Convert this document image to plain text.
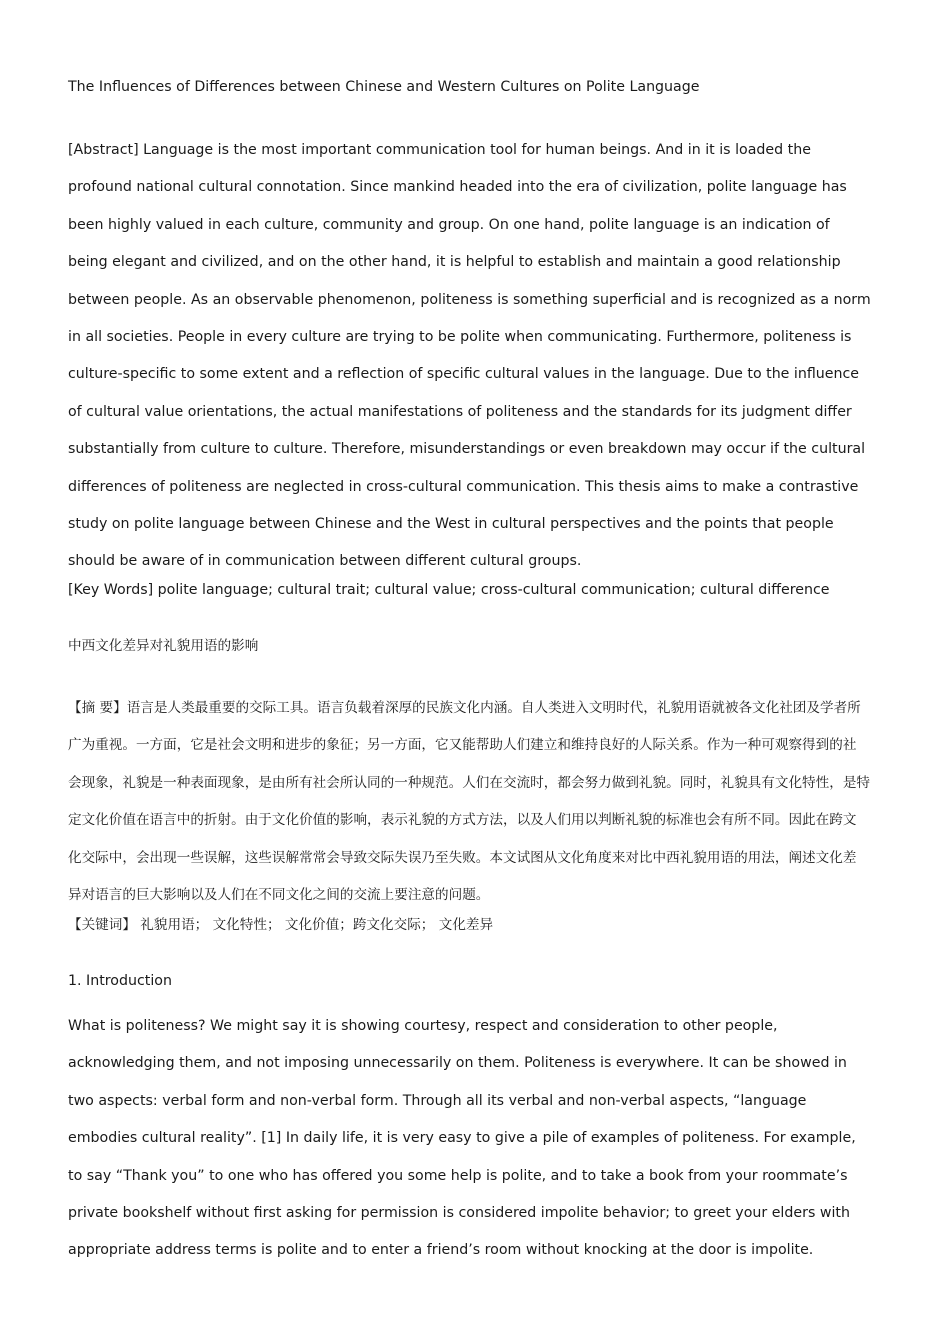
The Influences of Differences between Chinese and Western Cultures on Polite Language

[Abstract] Language is the most important communication tool for human beings. And in it is loaded the

profound national cultural connotation. Since mankind headed into the era of civilization, polite language has

been highly valued in each culture, community and group. On one hand, polite language is an indication of

being elegant and civilized, and on the other hand, it is helpful to establish and maintain a good relationship

between people. As an observable phenomenon, politeness is something superficial and is recognized as a norm

in all societies. People in every culture are trying to be polite when communicating. Furthermore, politeness is

culture-specific to some extent and a reflection of specific cultural values in the language. Due to the influence

of cultural value orientations, the actual manifestations of politeness and the standards for its judgment differ

substantially from culture to culture. Therefore, misunderstandings or even breakdown may occur if the cultural

differences of politeness are neglected in cross-cultural communication. This thesis aims to make a contrastive

study on polite language between Chinese and the West in cultural perspectives and the points that people

should be aware of in communication between different cultural groups.

[Key Words] polite language; cultural trait; cultural value; cross-cultural communication; cultural difference

中西文化差异对礼貌用语的影响

【摘 要】语言是人类最重要的交际工具。语言负载着深厚的民族文化内涵。自人类进入文明时代，礼貌用语就被各文化社团及学者所

广为重视。一方面，它是社会文明和进步的象征；另一方面，它又能帮助人们建立和维持良好的人际关系。作为一种可观察得到的社

会现象，礼貌是一种表面现象，是由所有社会所认同的一种规范。人们在交流时，都会努力做到礼貌。同时，礼貌具有文化特性，是特

定文化价值在语言中的折射。由于文化价值的影响，表示礼貌的方式方法，以及人们用以判断礼貌的标准也会有所不同。因此在跨文

化交际中，会出现一些误解，这些误解常常会导致交际失误乃至失败。本文试图从文化角度来对比中西礼貌用语的用法，阐述文化差

异对语言的巨大影响以及人们在不同文化之间的交流上要注意的问题。

【关键词】 礼貌用语； 文化特性； 文化价值；跨文化交际； 文化差异

1. Introduction

What is politeness? We might say it is showing courtesy, respect and consideration to other people,

acknowledging them, and not imposing unnecessarily on them. Politeness is everywhere. It can be showed in

two aspects: verbal form and non-verbal form. Through all its verbal and non-verbal aspects, “language

embodies cultural reality”. [1] In daily life, it is very easy to give a pile of examples of politeness. For example,

to say “Thank you” to one who has offered you some help is polite, and to take a book from your roommate’s

private bookshelf without first asking for permission is considered impolite behavior; to greet your elders with

appropriate address terms is polite and to enter a friend’s room without knocking at the door is impolite.
